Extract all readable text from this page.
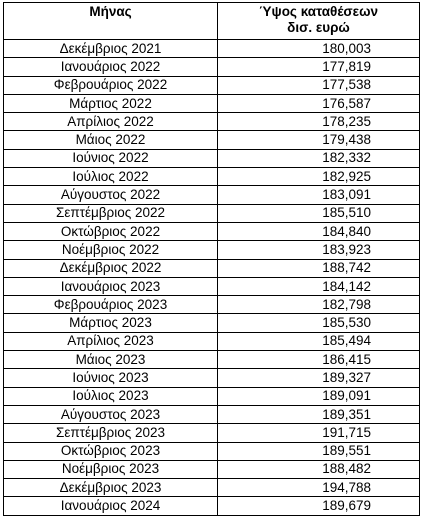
Μήνας	Ύψος καταθέσεων
δισ. ευρώ

Δεκέμβριος 2021	180,003
Ιανουάριος 2022	177,819
Φεβρουάριος 2022	177,538
Μάρτιος 2022	176,587
Απρίλιος 2022	178,235
Μάιος 2022	179,438
Ιούνιος 2022	182,332
Ιούλιος 2022	182,925
Αύγουστος 2022	183,091
Σεπτέμβριος 2022	185,510
Οκτώβριος 2022	184,840
Νοέμβριος 2022	183,923
Δεκέμβριος 2022	188,742
Ιανουάριος 2023	184,142
Φεβρουάριος 2023	182,798
Μάρτιος 2023	185,530
Απρίλιος 2023	185,494
Μάιος 2023	186,415
Ιούνιος 2023	189,327
Ιούλιος 2023	189,091
Αύγουστος 2023	189,351
Σεπτέμβριος 2023	191,715
Οκτώβριος 2023	189,551
Νοέμβριος 2023	188,482
Δεκέμβριος 2023	194,788
Ιανουάριος 2024	189,679
